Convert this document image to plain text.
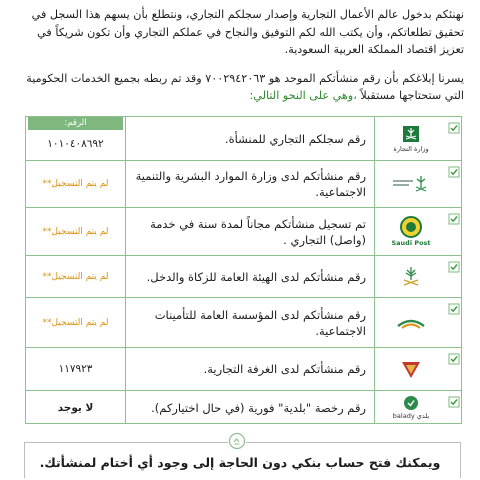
نهنئكم بدخول عالم الأعمال التجارية وإصدار سجلكم التجاري، ونتطلع بأن يسهم هذا السجل في تحقيق تطلعاتكم، وأن يكتب الله لكم التوفيق والنجاح في عملكم التجاري وأن تكون شريكاً في تعزيز اقتصاد المملكة العربية السعودية.

يسرنا إبلاغكم بأن رقم منشأتكم الموحد هو ٧٠٠٢٩٤٢٠٦٣ وقد تم ربطه بجميع الخدمات الحكومية التي ستحتاجها مستقبلاً ،وهي على النحو التالي:

وزارة التجارة
رقم سجلكم التجاري للمنشأة.
١٠١٠٤٠٨٦٩٢
رقم منشأتكم لدى وزارة الموارد البشرية والتنمية الاجتماعية.
لم يتم التسجيل**
Saudi Post
تم تسجيل منشأتكم مجاناً لمدة سنة في خدمة (واصل) التجاري .
لم يتم التسجيل**
رقم منشأتكم لدى الهيئة العامة للزكاة والدخل.
لم يتم التسجيل**
رقم منشأتكم لدى المؤسسة العامة للتأمينات الاجتماعية.
لم يتم التسجيل**
رقم منشأتكم لدى الغرفة التجارية.
١١٧٩٢٣
بلدي balady
رقم رخصة "بلدية" فورية (في حال اختياركم).
لا يوجد
الرقم:
ويمكنك فتح حساب بنكي دون الحاجة إلى وجود أي أختام لمنشأتك.
